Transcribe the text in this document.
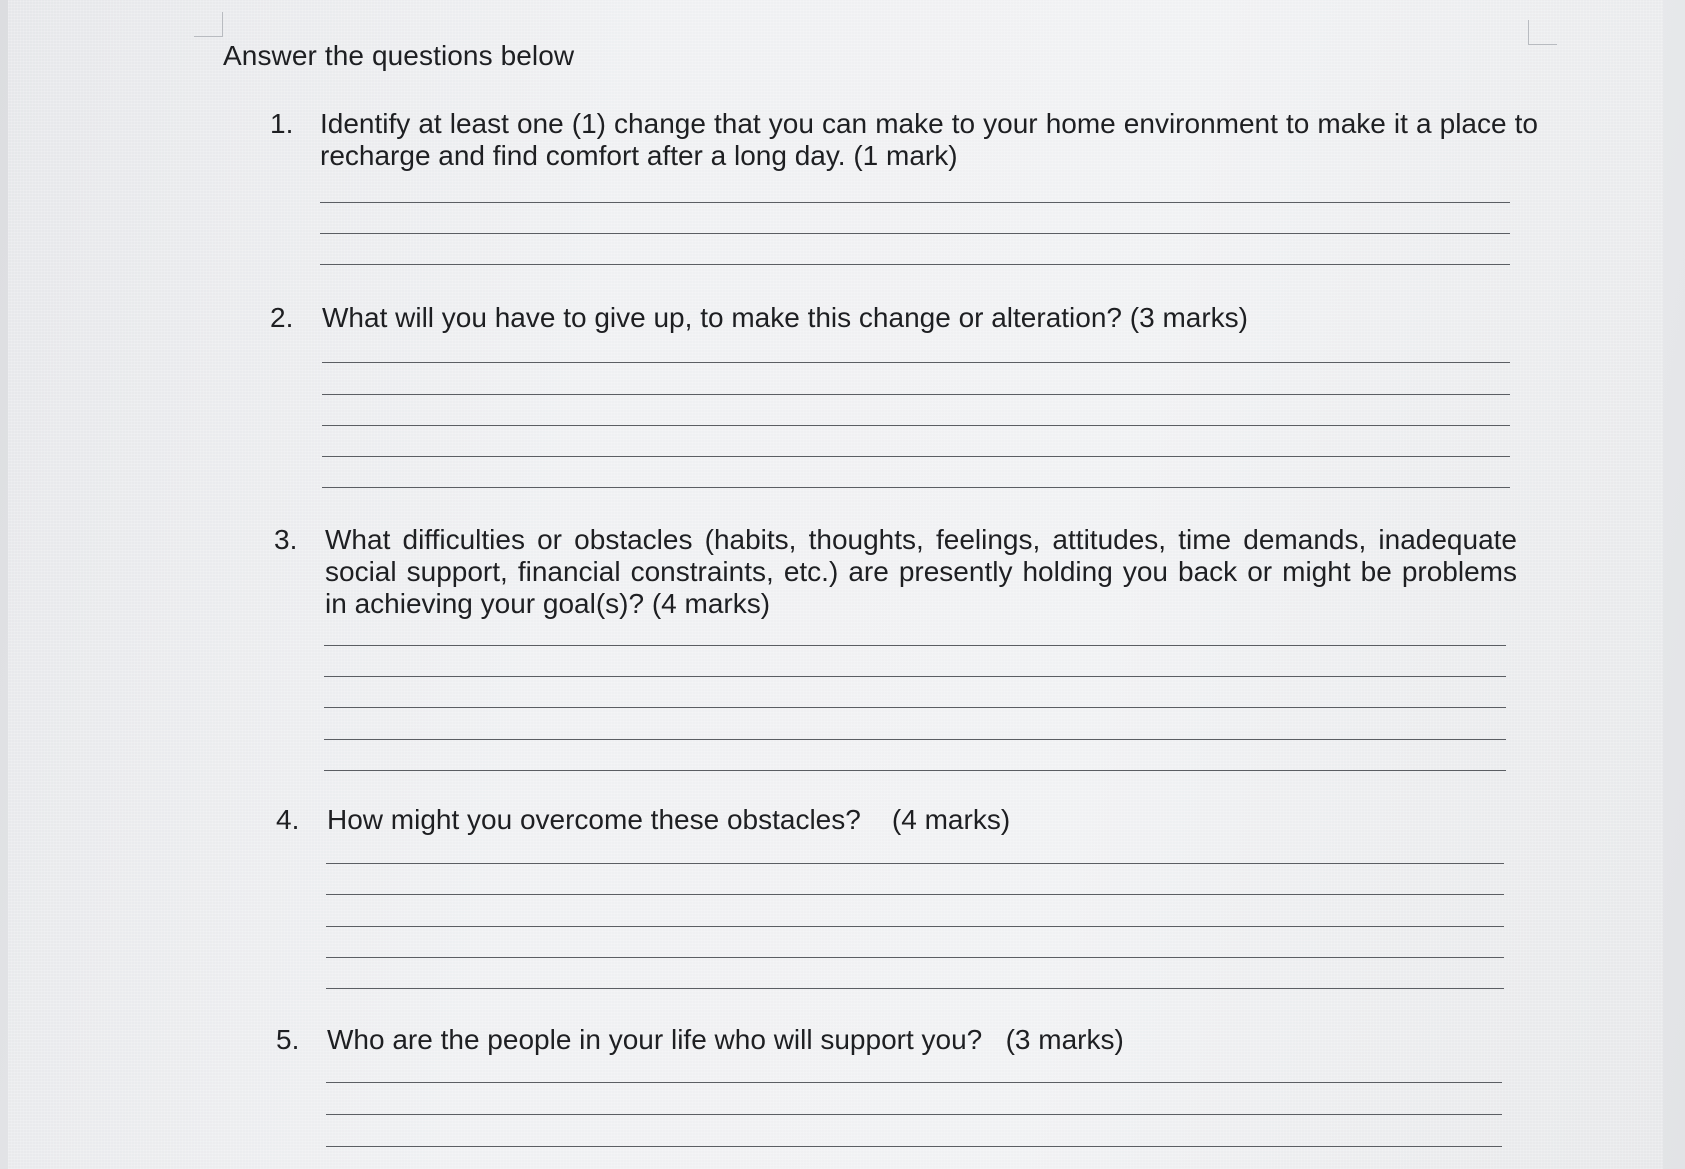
Answer the questions below
1. Identify at least one (1) change that you can make to your home environment to make it a place to recharge and find comfort after a long day. (1 mark)
2. What will you have to give up, to make this change or alteration? (3 marks)
3. What difficulties or obstacles (habits, thoughts, feelings, attitudes, time demands, inadequate social support, financial constraints, etc.) are presently holding you back or might be problems in achieving your goal(s)? (4 marks)
4. How might you overcome these obstacles?    (4 marks)
5. Who are the people in your life who will support you?   (3 marks)
